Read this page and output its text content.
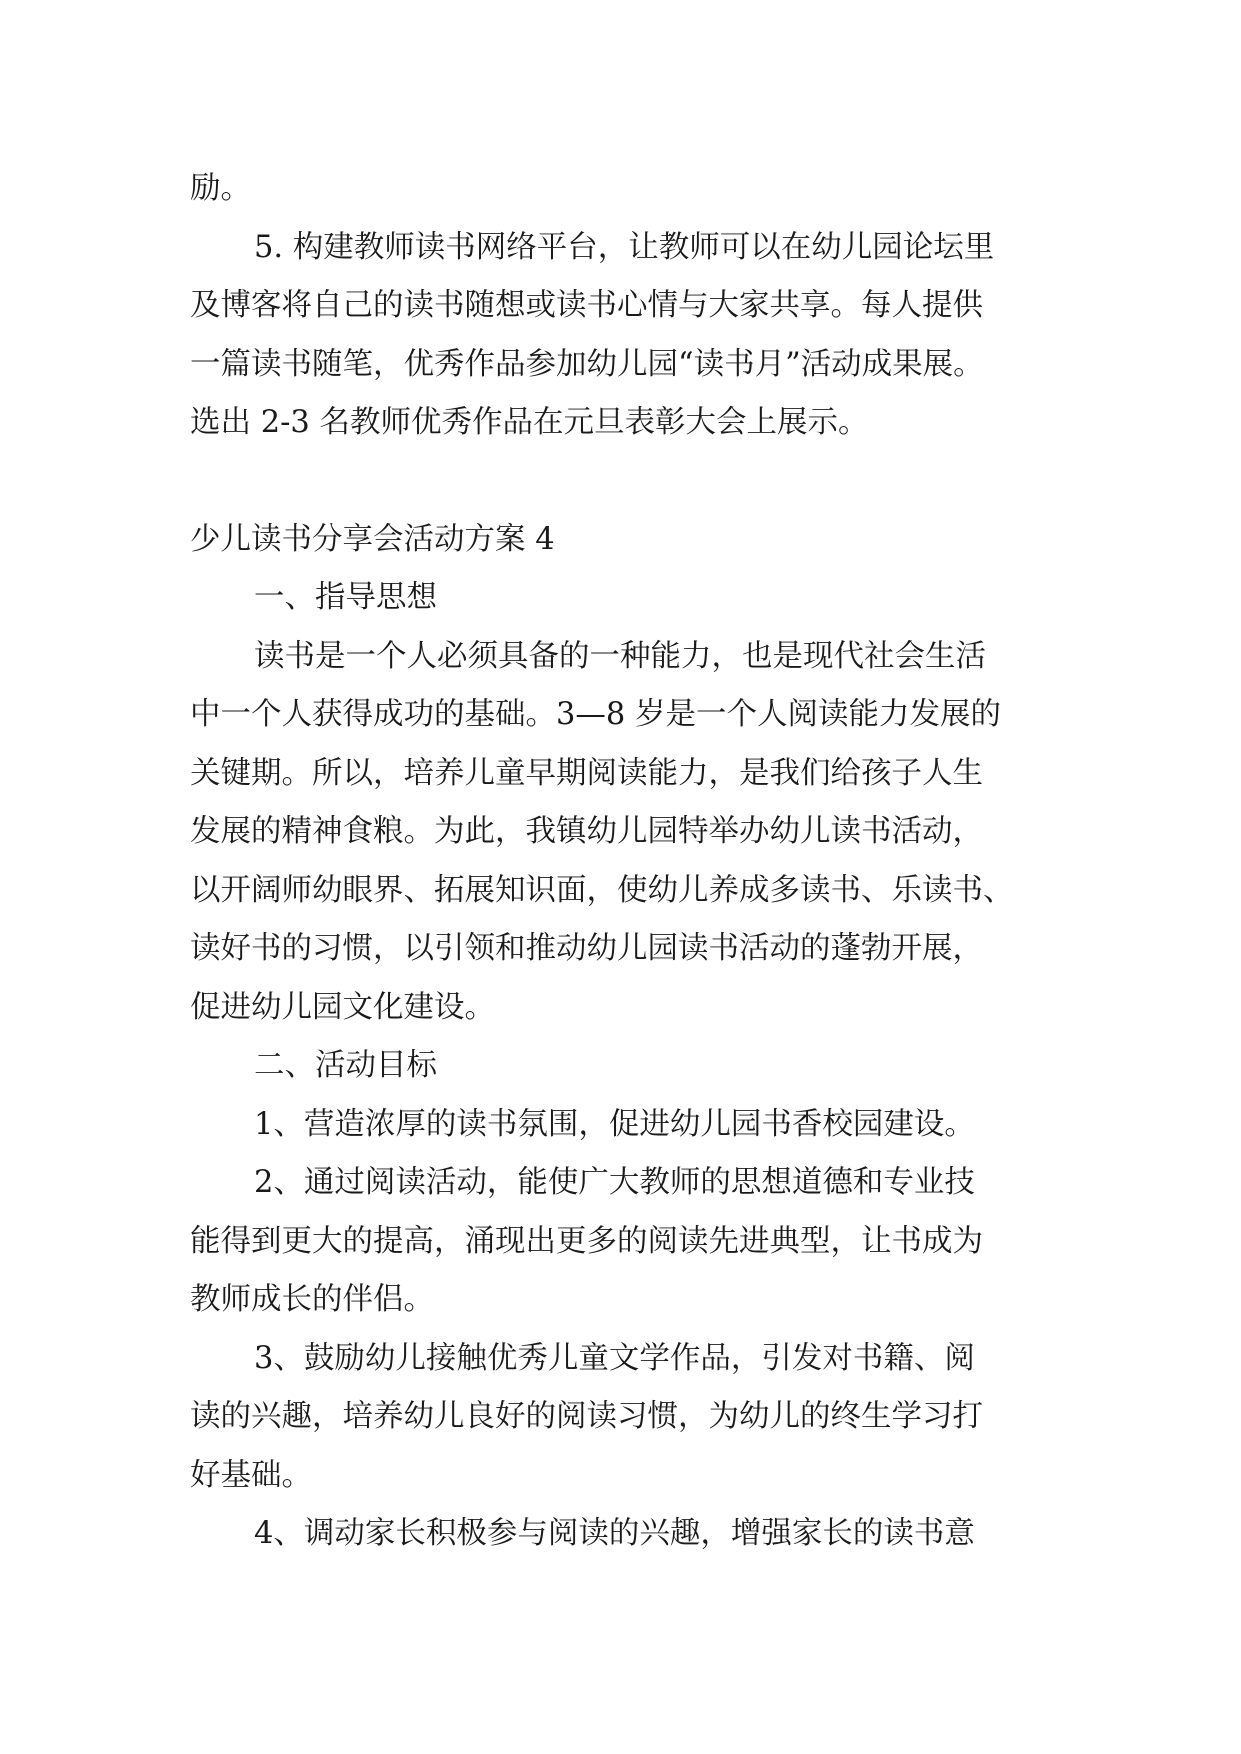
励。
5. 构建教师读书网络平台，让教师可以在幼儿园论坛里
及博客将自己的读书随想或读书心情与大家共享。每人提供
一篇读书随笔，优秀作品参加幼儿园“读书月”活动成果展。
选出 2-3 名教师优秀作品在元旦表彰大会上展示。
少儿读书分享会活动方案 4
一、指导思想
读书是一个人必须具备的一种能力，也是现代社会生活
中一个人获得成功的基础。3—8 岁是一个人阅读能力发展的
关键期。所以，培养儿童早期阅读能力，是我们给孩子人生
发展的精神食粮。为此，我镇幼儿园特举办幼儿读书活动，
以开阔师幼眼界、拓展知识面，使幼儿养成多读书、乐读书、
读好书的习惯，以引领和推动幼儿园读书活动的蓬勃开展，
促进幼儿园文化建设。
二、活动目标
1、营造浓厚的读书氛围，促进幼儿园书香校园建设。
2、通过阅读活动，能使广大教师的思想道德和专业技
能得到更大的提高，涌现出更多的阅读先进典型，让书成为
教师成长的伴侣。
3、鼓励幼儿接触优秀儿童文学作品，引发对书籍、阅
读的兴趣，培养幼儿良好的阅读习惯，为幼儿的终生学习打
好基础。
4、调动家长积极参与阅读的兴趣，增强家长的读书意
